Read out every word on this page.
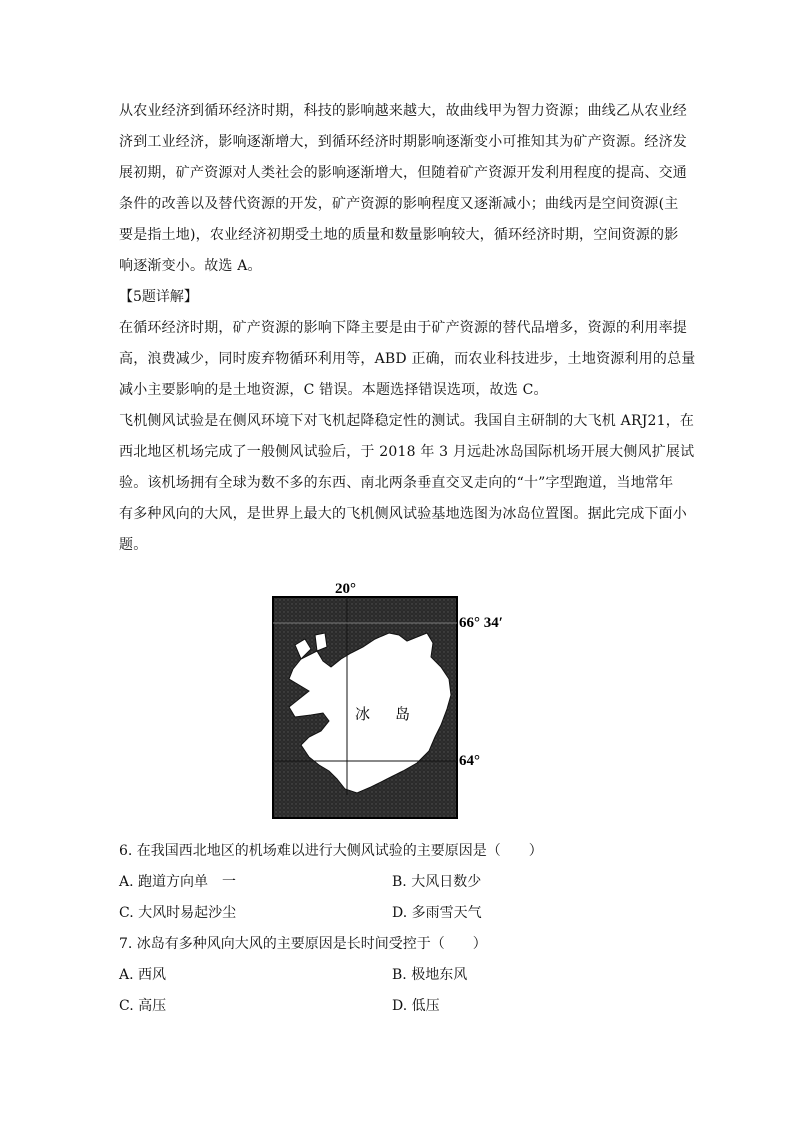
从农业经济到循环经济时期，科技的影响越来越大，故曲线甲为智力资源；曲线乙从农业经
济到工业经济，影响逐渐增大，到循环经济时期影响逐渐变小可推知其为矿产资源。经济发
展初期，矿产资源对人类社会的影响逐渐增大，但随着矿产资源开发利用程度的提高、交通
条件的改善以及替代资源的开发，矿产资源的影响程度又逐渐减小；曲线丙是空间资源(主
要是指土地)，农业经济初期受土地的质量和数量影响较大，循环经济时期，空间资源的影
响逐渐变小。故选 A。

【5题详解】

在循环经济时期，矿产资源的影响下降主要是由于矿产资源的替代品增多，资源的利用率提
高，浪费减少，同时废弃物循环利用等，ABD 正确，而农业科技进步，土地资源利用的总量
减小主要影响的是土地资源，C 错误。本题选择错误选项，故选 C。
飞机侧风试验是在侧风环境下对飞机起降稳定性的测试。我国自主研制的大飞机 ARJ21，在
西北地区机场完成了一般侧风试验后，于 2018 年 3 月远赴冰岛国际机场开展大侧风扩展试
验。该机场拥有全球为数不多的东西、南北两条垂直交叉走向的“十”字型跑道，当地常年
有多种风向的大风，是世界上最大的飞机侧风试验基地选图为冰岛位置图。据此完成下面小
题。
20°
66° 34′
64°
冰 岛

6. 在我国西北地区的机场难以进行大侧风试验的主要原因是（　　）

A. 跑道方向单　一	B. 大风日数少

C. 大风时易起沙尘	D. 多雨雪天气

7. 冰岛有多种风向大风的主要原因是长时间受控于（　　）

A. 西风	B. 极地东风

C. 高压	D. 低压
